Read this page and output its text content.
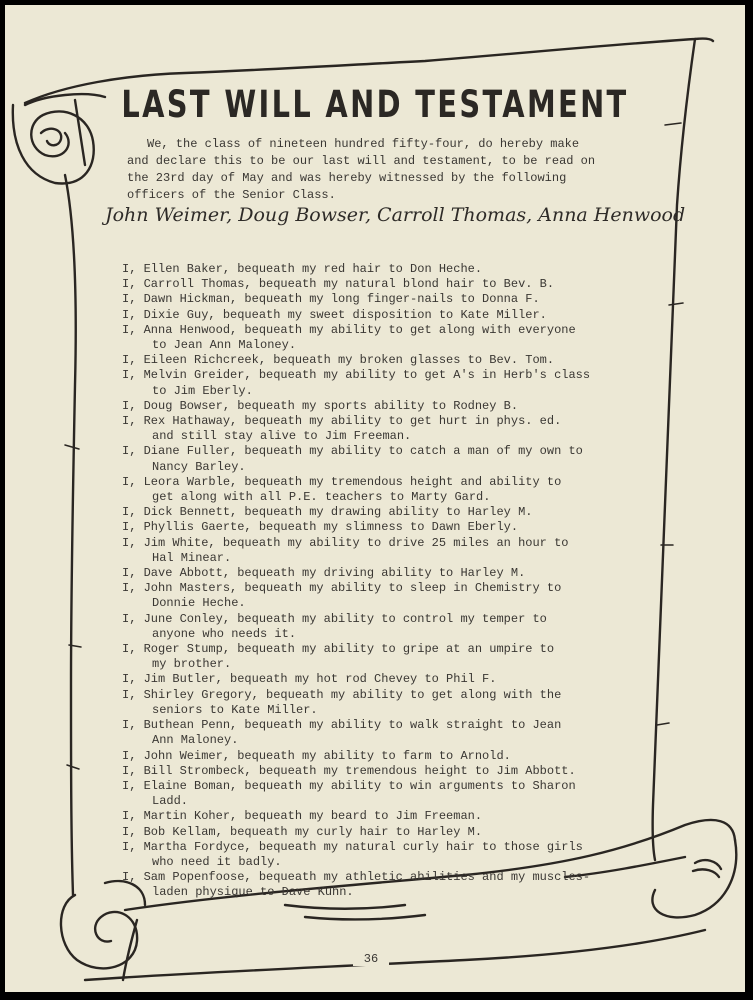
LAST WILL AND TESTAMENT
We, the class of nineteen hundred fifty-four, do hereby make
and declare this to be our last will and testament, to be read on
the 23rd day of May and was hereby witnessed by the following
officers of the Senior Class.
John Weimer, Doug Bowser, Carroll Thomas, Anna Henwood
I, Ellen Baker, bequeath my red hair to Don Heche.
I, Carroll Thomas, bequeath my natural blond hair to Bev. B.
I, Dawn Hickman, bequeath my long finger-nails to Donna F.
I, Dixie Guy, bequeath my sweet disposition to Kate Miller.
I, Anna Henwood, bequeath my ability to get along with everyone
to Jean Ann Maloney.
I, Eileen Richcreek, bequeath my broken glasses to Bev. Tom.
I, Melvin Greider, bequeath my ability to get A's in Herb's class
to Jim Eberly.
I, Doug Bowser, bequeath my sports ability to Rodney B.
I, Rex Hathaway, bequeath my ability to get hurt in phys. ed.
and still stay alive to Jim Freeman.
I, Diane Fuller, bequeath my ability to catch a man of my own to
Nancy Barley.
I, Leora Warble, bequeath my tremendous height and ability to
get along with all P.E. teachers to Marty Gard.
I, Dick Bennett, bequeath my drawing ability to Harley M.
I, Phyllis Gaerte, bequeath my slimness to Dawn Eberly.
I, Jim White, bequeath my ability to drive 25 miles an hour to
Hal Minear.
I, Dave Abbott, bequeath my driving ability to Harley M.
I, John Masters, bequeath my ability to sleep in Chemistry to
Donnie Heche.
I, June Conley, bequeath my ability to control my temper to
anyone who needs it.
I, Roger Stump, bequeath my ability to gripe at an umpire to
my brother.
I, Jim Butler, bequeath my hot rod Chevey to Phil F.
I, Shirley Gregory, bequeath my ability to get along with the
seniors to Kate Miller.
I, Buthean Penn, bequeath my ability to walk straight to Jean
Ann Maloney.
I, John Weimer, bequeath my ability to farm to Arnold.
I, Bill Strombeck, bequeath my tremendous height to Jim Abbott.
I, Elaine Boman, bequeath my ability to win arguments to Sharon
Ladd.
I, Martin Koher, bequeath my beard to Jim Freeman.
I, Bob Kellam, bequeath my curly hair to Harley M.
I, Martha Fordyce, bequeath my natural curly hair to those girls
who need it badly.
I, Sam Popenfoose, bequeath my athletic abilities and my muscles-
laden physique to Dave Kuhn.
36
